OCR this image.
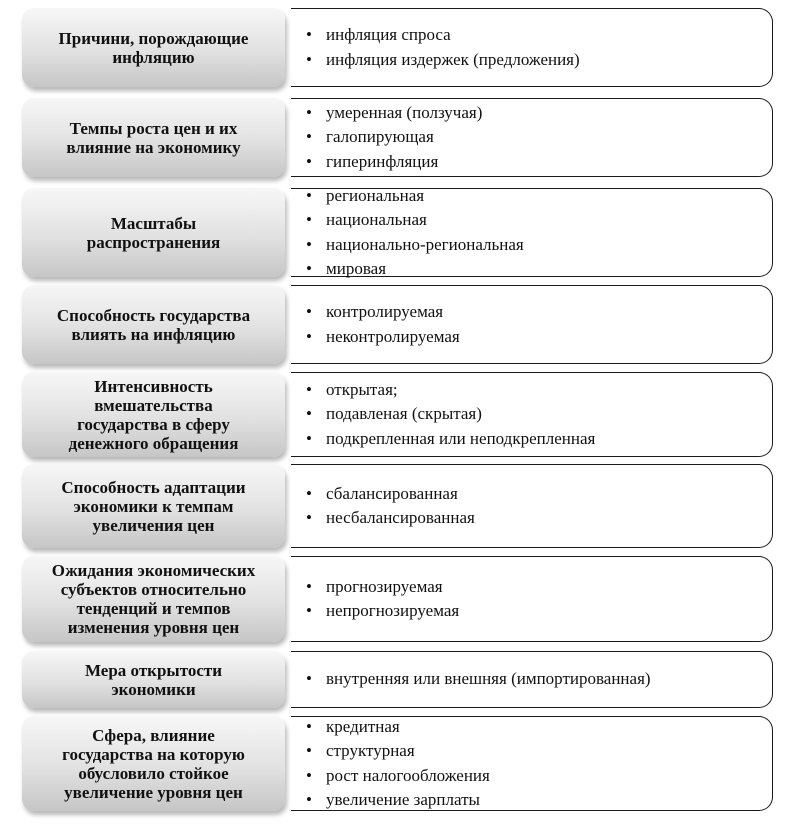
Причини, порождающие
инфляцию
• инфляция спроса
• инфляция издержек (предложения)
Темпы роста цен и их
влияние на экономику
• умеренная (ползучая)
• галопирующая
• гиперинфляция
Масштабы
распространения
• региональная
• национальная
• национально-региональная
• мировая
Способность государства
влиять на инфляцию
• контролируемая
• неконтролируемая
Интенсивность
вмешательства
государства в сферу
денежного обращения
• открытая;
• подавленая (скрытая)
• подкрепленная или неподкрепленная
Способность адаптации
экономики к темпам
увеличения цен
• сбалансированная
• несбалансированная
Ожидания экономических
субъектов относительно
тенденций и темпов
изменения уровня цен
• прогнозируемая
• непрогнозируемая
Мера открытости
экономики
• внутренняя или внешняя (импортированная)
Сфера, влияние
государства на которую
обусловило стойкое
увеличение уровня цен
• кредитная
• структурная
• рост налогообложения
• увеличение зарплаты
